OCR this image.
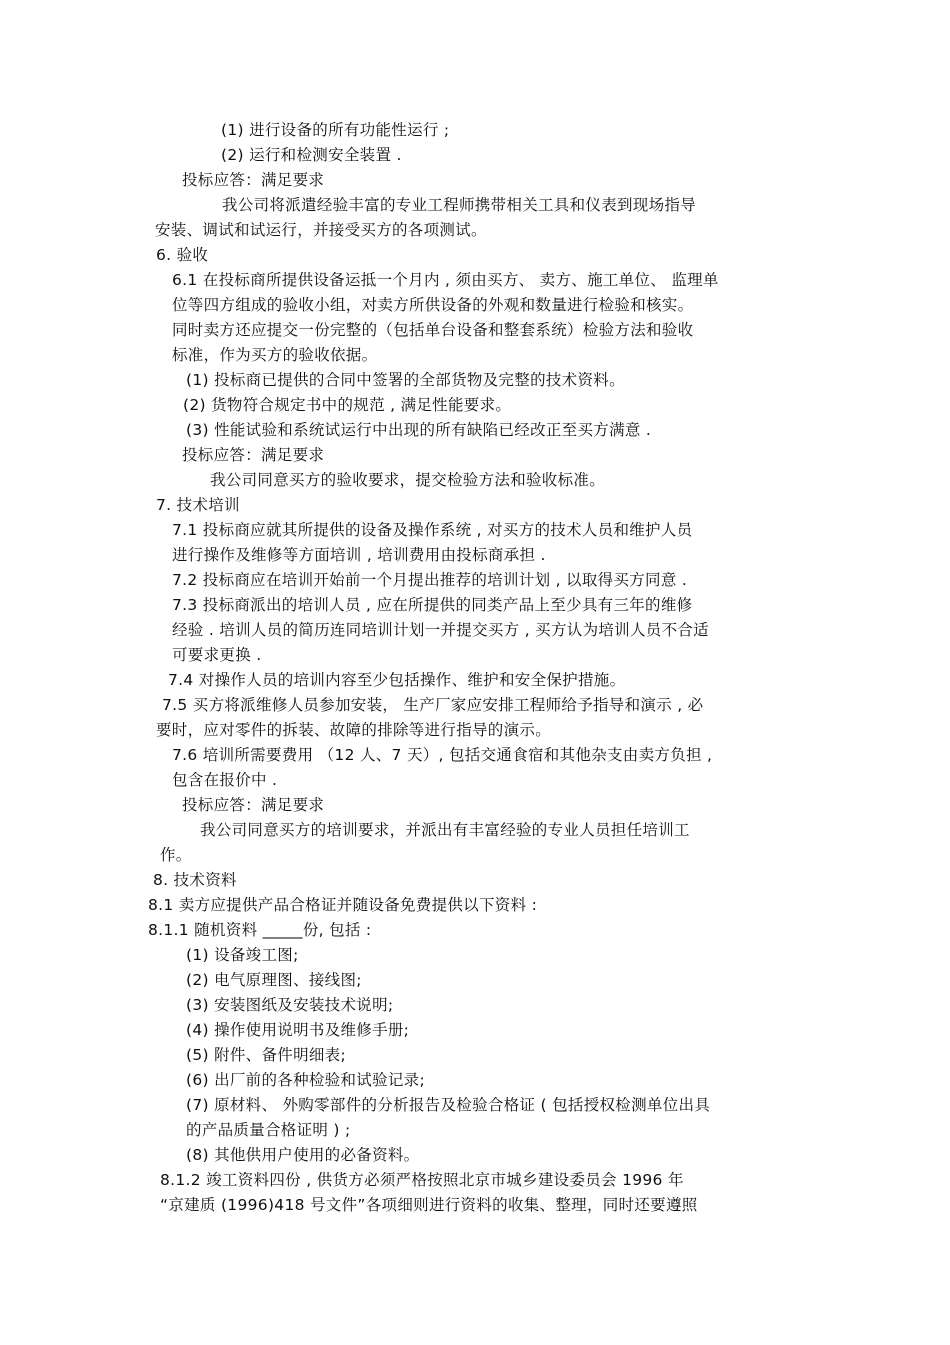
(1) 进行设备的所有功能性运行 ;
(2) 运行和检测安全装置 .
投标应答：满足要求
我公司将派遣经验丰富的专业工程师携带相关工具和仪表到现场指导
安装、调试和试运行，并接受买方的各项测试。
6. 验收
6.1 在投标商所提供设备运抵一个月内 , 须由买方、 卖方、施工单位、 监理单
位等四方组成的验收小组，对卖方所供设备的外观和数量进行检验和核实。
同时卖方还应提交一份完整的（包括单台设备和整套系统）检验方法和验收
标准，作为买方的验收依据。
(1) 投标商已提供的合同中签署的全部货物及完整的技术资料。
(2) 货物符合规定书中的规范 , 满足性能要求。
(3) 性能试验和系统试运行中出现的所有缺陷已经改正至买方满意 .
投标应答：满足要求
我公司同意买方的验收要求，提交检验方法和验收标准。
7. 技术培训
7.1 投标商应就其所提供的设备及操作系统 , 对买方的技术人员和维护人员
进行操作及维修等方面培训 , 培训费用由投标商承担 .
7.2 投标商应在培训开始前一个月提出推荐的培训计划 , 以取得买方同意 .
7.3 投标商派出的培训人员 , 应在所提供的同类产品上至少具有三年的维修
经验 . 培训人员的简历连同培训计划一并提交买方 , 买方认为培训人员不合适
可要求更换 .
7.4 对操作人员的培训内容至少包括操作、维护和安全保护措施。
7.5 买方将派维修人员参加安装， 生产厂家应安排工程师给予指导和演示 , 必
要时，应对零件的拆装、故障的排除等进行指导的演示。
7.6 培训所需要费用 （12 人、7 天）, 包括交通食宿和其他杂支由卖方负担 ,
包含在报价中 .
投标应答：满足要求
我公司同意买方的培训要求，并派出有丰富经验的专业人员担任培训工
作。
8. 技术资料
8.1 卖方应提供产品合格证并随设备免费提供以下资料 :
8.1.1 随机资料 _____份, 包括 :
(1) 设备竣工图;
(2) 电气原理图、接线图;
(3) 安装图纸及安装技术说明;
(4) 操作使用说明书及维修手册;
(5) 附件、备件明细表;
(6) 出厂前的各种检验和试验记录;
(7) 原材料、 外购零部件的分析报告及检验合格证 ( 包括授权检测单位出具
的产品质量合格证明 ) ;
(8) 其他供用户使用的必备资料。
8.1.2 竣工资料四份 , 供货方必须严格按照北京市城乡建设委员会 1996 年
“京建质 (1996)418 号文件”各项细则进行资料的收集、整理，同时还要遵照
